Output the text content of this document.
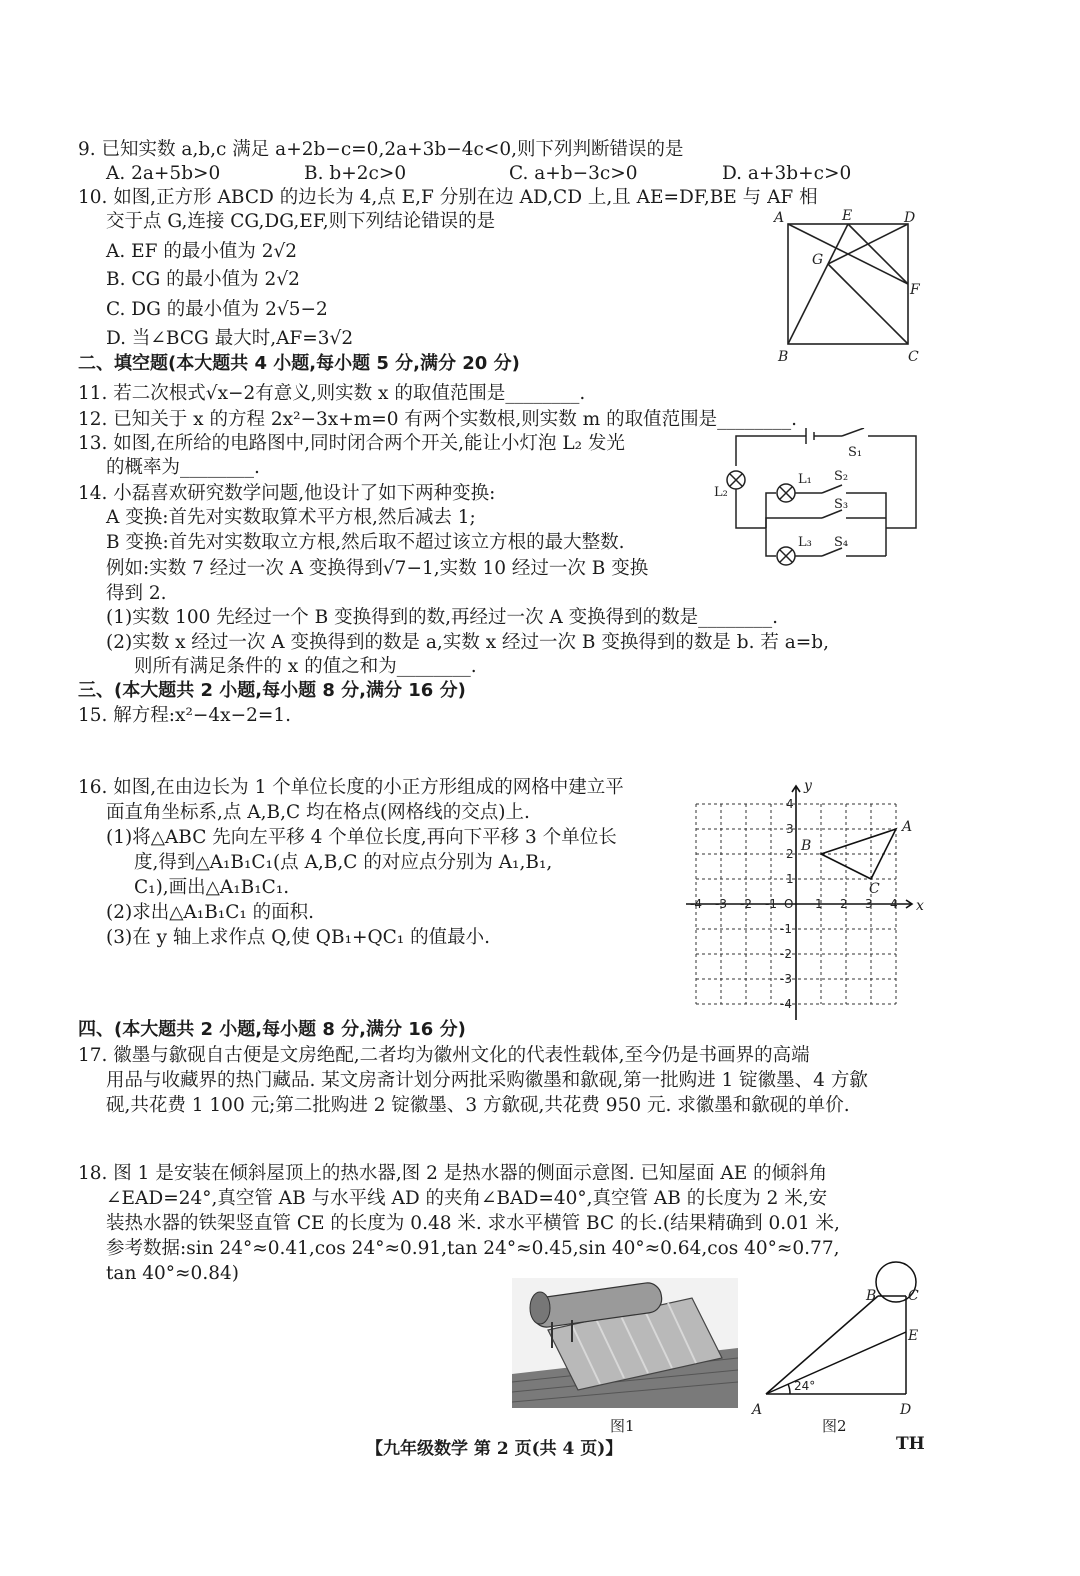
9. 已知实数 a,b,c 满足 a+2b−c=0,2a+3b−4c<0,则下列判断错误的是
A. 2a+5b>0	B. b+2c>0	C. a+b−3c>0	D. a+3b+c>0
10. 如图,正方形 ABCD 的边长为 4,点 E,F 分别在边 AD,CD 上,且 AE=DF,BE 与 AF 相
交于点 G,连接 CG,DG,EF,则下列结论错误的是
A. EF 的最小值为 2√2
B. CG 的最小值为 2√2
C. DG 的最小值为 2√5−2
D. 当∠BCG 最大时,AF=3√2
A	E	D
G
F
B	C
二、填空题(本大题共 4 小题,每小题 5 分,满分 20 分)
11. 若二次根式√x−2有意义,则实数 x 的取值范围是________.
12. 已知关于 x 的方程 2x²−3x+m=0 有两个实数根,则实数 m 的取值范围是________.
13. 如图,在所给的电路图中,同时闭合两个开关,能让小灯泡 L₂ 发光
的概率为________.
S₁
S₂
S₃
S₄
L₁
L₂
L₃
14. 小磊喜欢研究数学问题,他设计了如下两种变换:
A 变换:首先对实数取算术平方根,然后减去 1;
B 变换:首先对实数取立方根,然后取不超过该立方根的最大整数.
例如:实数 7 经过一次 A 变换得到√7−1,实数 10 经过一次 B 变换
得到 2.
(1)实数 100 先经过一个 B 变换得到的数,再经过一次 A 变换得到的数是________.
(2)实数 x 经过一次 A 变换得到的数是 a,实数 x 经过一次 B 变换得到的数是 b. 若 a=b,
则所有满足条件的 x 的值之和为________.
三、(本大题共 2 小题,每小题 8 分,满分 16 分)
15. 解方程:x²−4x−2=1.
16. 如图,在由边长为 1 个单位长度的小正方形组成的网格中建立平
面直角坐标系,点 A,B,C 均在格点(网格线的交点)上.
(1)将△ABC 先向左平移 4 个单位长度,再向下平移 3 个单位长
度,得到△A₁B₁C₁(点 A,B,C 的对应点分别为 A₁,B₁,
C₁),画出△A₁B₁C₁.
(2)求出△A₁B₁C₁ 的面积.
(3)在 y 轴上求作点 Q,使 QB₁+QC₁ 的值最小.
-4 -3 -2 -1	1 2 3 4
4
3
2
1
-1
-2
-3
-4
O	x
y
A
B
C
四、(本大题共 2 小题,每小题 8 分,满分 16 分)
17. 徽墨与歙砚自古便是文房绝配,二者均为徽州文化的代表性载体,至今仍是书画界的高端
用品与收藏界的热门藏品. 某文房斋计划分两批采购徽墨和歙砚,第一批购进 1 锭徽墨、4 方歙
砚,共花费 1 100 元;第二批购进 2 锭徽墨、3 方歙砚,共花费 950 元. 求徽墨和歙砚的单价.
18. 图 1 是安装在倾斜屋顶上的热水器,图 2 是热水器的侧面示意图. 已知屋面 AE 的倾斜角
∠EAD=24°,真空管 AB 与水平线 AD 的夹角∠BAD=40°,真空管 AB 的长度为 2 米,安
装热水器的铁架竖直管 CE 的长度为 0.48 米. 求水平横管 BC 的长.(结果精确到 0.01 米,
参考数据:sin 24°≈0.41,cos 24°≈0.91,tan 24°≈0.45,sin 40°≈0.64,cos 40°≈0.77,
tan 40°≈0.84)
图1
A
B C
D
E
24°
图2
【九年级数学 第 2 页(共 4 页)】	TH
